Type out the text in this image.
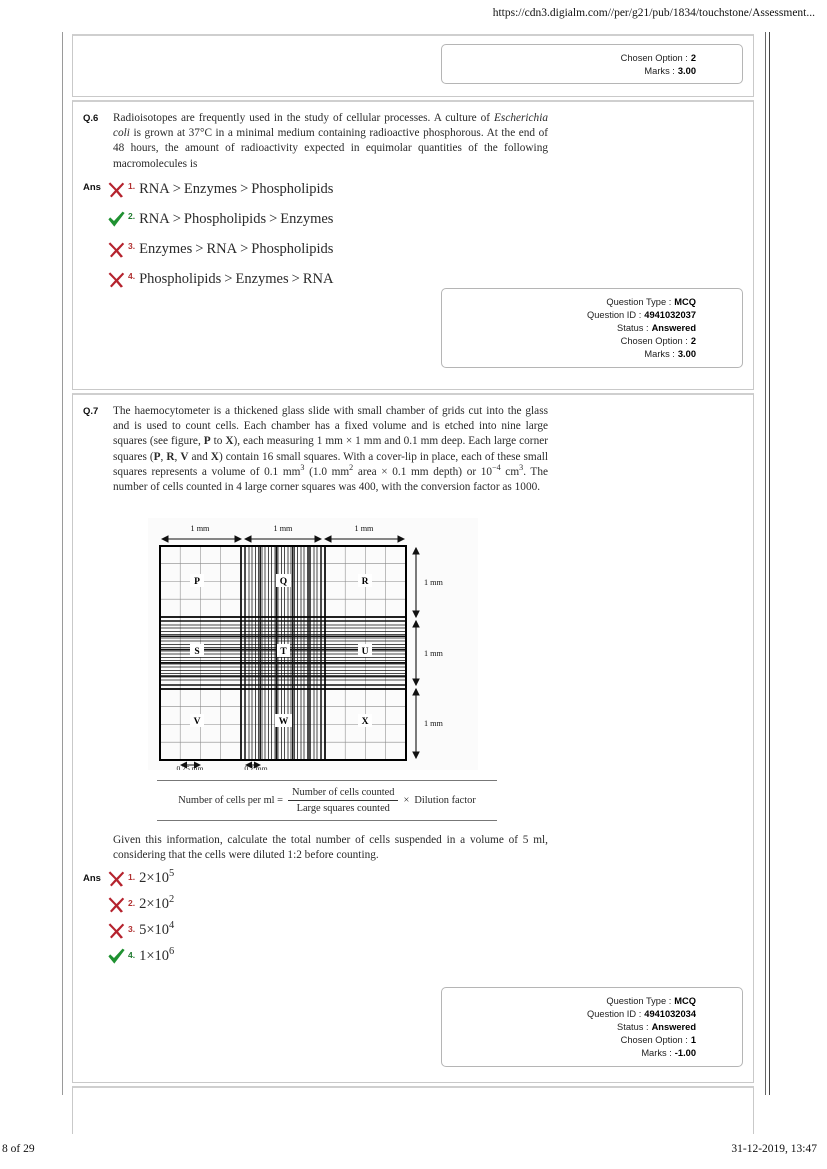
https://cdn3.digialm.com//per/g21/pub/1834/touchstone/Assessment...
Chosen Option : 2
Marks : 3.00
Q.6 Radioisotopes are frequently used in the study of cellular processes. A culture of Escherichia coli is grown at 37°C in a minimal medium containing radioactive phosphorous. At the end of 48 hours, the amount of radioactivity expected in equimolar quantities of the following macromolecules is
Ans	1. RNA > Enzymes > Phospholipids
2. RNA > Phospholipids > Enzymes
3. Enzymes > RNA > Phospholipids
4. Phospholipids > Enzymes > RNA
Question Type : MCQ
Question ID : 4941032037
Status : Answered
Chosen Option : 2
Marks : 3.00
Q.7 The haemocytometer is a thickened glass slide with small chamber of grids cut into the glass and is used to count cells. Each chamber has a fixed volume and is etched into nine large squares (see figure, P to X), each measuring 1 mm × 1 mm and 0.1 mm deep. Each large corner squares (P, R, V and X) contain 16 small squares. With a cover-lip in place, each of these small squares represents a volume of 0.1 $mm^3$ (1.0 $mm^2$ area × 0.1 mm depth) or $10^{-4}$ $cm^3$. The number of cells counted in 4 large corner squares was 400, with the conversion factor as 1000.
1 mm	1 mm	1 mm
1 mm
1 mm
1 mm
P	Q	R
S	T	U
V	W	X
0.25 mm	0.2 mm
Number of cells per ml = $\frac{\text{Number of cells counted}}{\text{Large squares counted}}$ × Dilution factor
Given this information, calculate the total number of cells suspended in a volume of 5 ml, considering that the cells were diluted 1:2 before counting.
Ans	1. $2\times 10^5$
2. $2\times 10^2$
3. $5\times 10^4$
4. $1\times 10^6$
Question Type : MCQ
Question ID : 4941032034
Status : Answered
Chosen Option : 1
Marks : -1.00
8 of 29	31-12-2019, 13:47
